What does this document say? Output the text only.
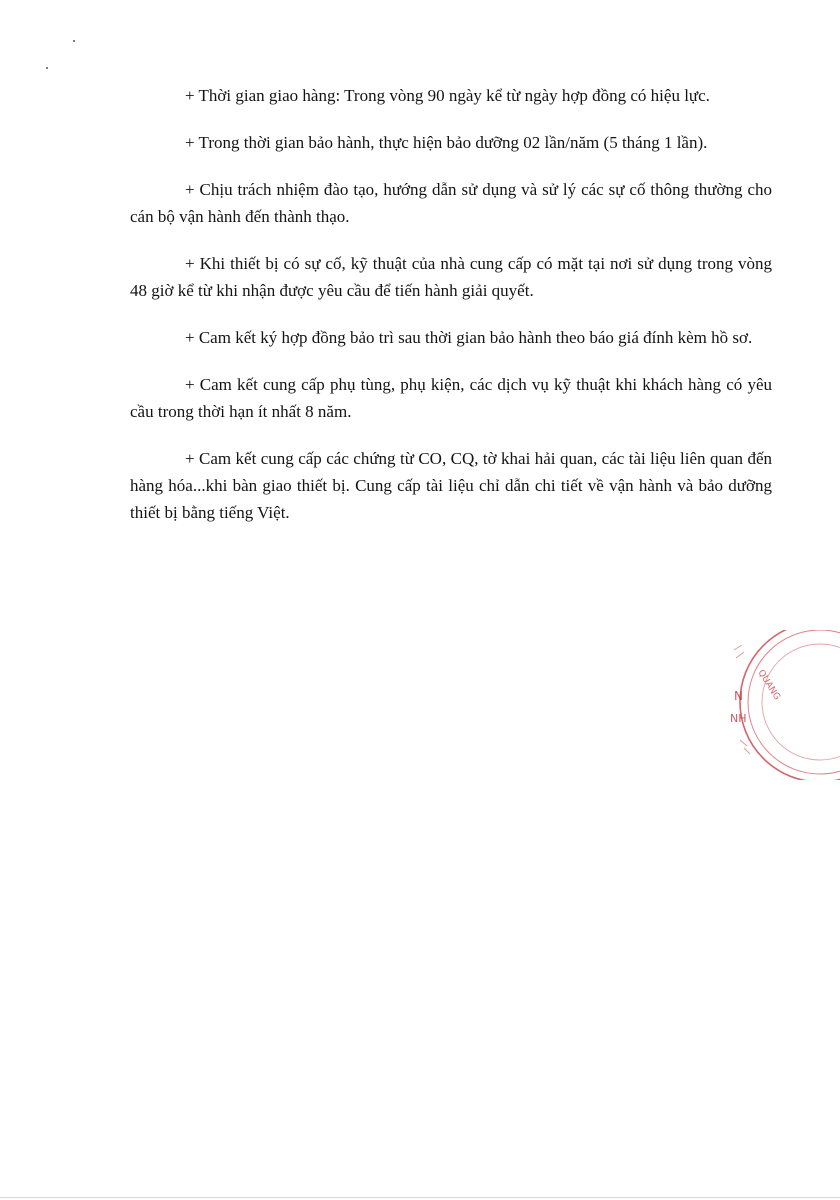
+ Thời gian giao hàng: Trong vòng 90 ngày kể từ ngày hợp đồng có hiệu lực.

+ Trong thời gian bảo hành, thực hiện bảo dưỡng 02 lần/năm (5 tháng 1 lần).

+ Chịu trách nhiệm đào tạo, hướng dẫn sử dụng và sử lý các sự cố thông thường cho cán bộ vận hành đến thành thạo.

+ Khi thiết bị có sự cố, kỹ thuật của nhà cung cấp có mặt tại nơi sử dụng trong vòng 48 giờ kể từ khi nhận được yêu cầu để tiến hành giải quyết.

+ Cam kết ký hợp đồng bảo trì sau thời gian bảo hành theo báo giá đính kèm hồ sơ.

+ Cam kết cung cấp phụ tùng, phụ kiện, các dịch vụ kỹ thuật khi khách hàng có yêu cầu trong thời hạn ít nhất 8 năm.

+ Cam kết cung cấp các chứng từ CO, CQ, tờ khai hải quan, các tài liệu liên quan đến hàng hóa...khi bàn giao thiết bị. Cung cấp tài liệu chỉ dẫn chi tiết về vận hành và bảo dưỡng thiết bị bằng tiếng Việt.

QUANG
N
NH
